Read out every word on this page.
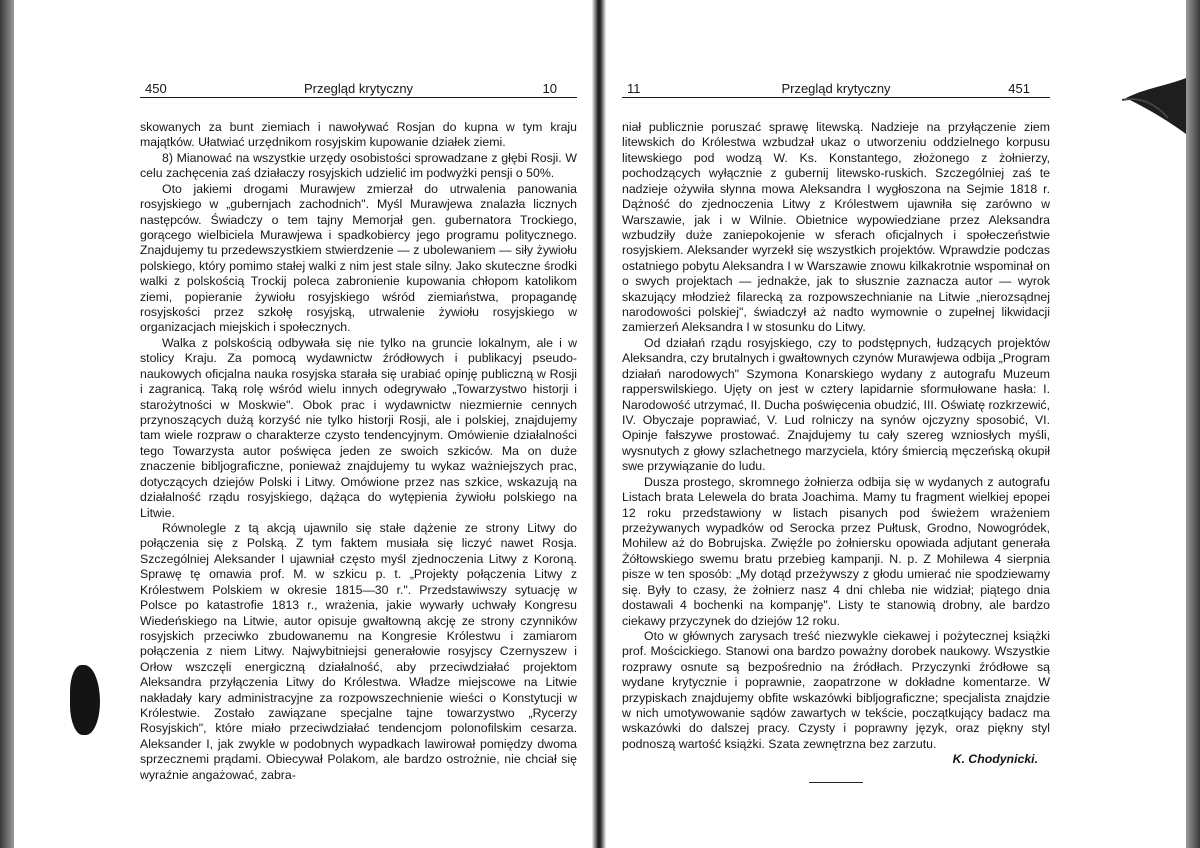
450	Przegląd krytyczny	10

skowanych za bunt ziemiach i nawoływać Rosjan do kupna w tym kraju majątków. Ułatwiać urzędnikom rosyjskim kupowanie działek ziemi.

8) Mianować na wszystkie urzędy osobistości sprowadzane z głębi Rosji. W celu zachęcenia zaś działaczy rosyjskich udzielić im podwyżki pensji o 50%.

Oto jakiemi drogami Murawjew zmierzał do utrwalenia panowania rosyjskiego w „gubernjach zachodnich". Myśl Murawjewa znalazła licznych następców. Świadczy o tem tajny Memorjał gen. gubernatora Trockiego, gorącego wielbiciela Murawjewa i spadkobiercy jego programu politycznego. Znajdujemy tu przedewszystkiem stwierdzenie — z ubolewaniem — siły żywiołu polskiego, który pomimo stałej walki z nim jest stale silny. Jako skuteczne środki walki z polskością Trockij poleca zabronienie kupowania chłopom katolikom ziemi, popieranie żywiołu rosyjskiego wśród ziemiaństwa, propagandę rosyjskości przez szkołę rosyjską, utrwalenie żywiołu rosyjskiego w organizacjach miejskich i społecznych.

Walka z polskością odbywała się nie tylko na gruncie lokalnym, ale i w stolicy Kraju. Za pomocą wydawnictw źródłowych i publikacyj pseudo-naukowych oficjalna nauka rosyjska starała się urabiać opinję publiczną w Rosji i zagranicą. Taką rolę wśród wielu innych odegrywało „Towarzystwo historji i starożytności w Moskwie". Obok prac i wydawnictw niezmiernie cennych przynoszących dużą korzyść nie tylko historji Rosji, ale i polskiej, znajdujemy tam wiele rozpraw o charakterze czysto tendencyjnym. Omówienie działalności tego Towarzysta autor poświęca jeden ze swoich szkiców. Ma on duże znaczenie bibljograficzne, ponieważ znajdujemy tu wykaz ważniejszych prac, dotyczących dziejów Polski i Litwy. Omówione przez nas szkice, wskazują na działalność rządu rosyjskiego, dążąca do wytępienia żywiołu polskiego na Litwie.

Równolegle z tą akcją ujawnilo się stałe dążenie ze strony Litwy do połączenia się z Polską. Z tym faktem musiała się liczyć nawet Rosja. Szczególniej Aleksander I ujawniał często myśl zjednoczenia Litwy z Koroną. Sprawę tę omawia prof. M. w szkicu p. t. „Projekty połączenia Litwy z Królestwem Polskiem w okresie 1815—30 r.". Przedstawiwszy sytuację w Polsce po katastrofie 1813 r., wrażenia, jakie wywarły uchwały Kongresu Wiedeńskiego na Litwie, autor opisuje gwałtowną akcję ze strony czynników rosyjskich przeciwko zbudowanemu na Kongresie Królestwu i zamiarom połączenia z niem Litwy. Najwybitniejsi generałowie rosyjscy Czernyszew i Orłow wszczęli energiczną działalność, aby przeciwdziałać projektom Aleksandra przyłączenia Litwy do Królestwa. Władze miejscowe na Litwie nakładały kary administracyjne za rozpowszechnienie wieści o Konstytucji w Królestwie. Zostało zawiązane specjalne tajne towarzystwo „Rycerzy Rosyjskich", które miało przeciwdziałać tendencjom polonofilskim cesarza. Aleksander I, jak zwykle w podobnych wypadkach lawirował pomiędzy dwoma sprzecznemi prądami. Obiecywał Polakom, ale bardzo ostrożnie, nie chciał się wyraźnie angażować, zabra-

11	Przegląd krytyczny	451

niał publicznie poruszać sprawę litewską. Nadzieje na przyłączenie ziem litewskich do Królestwa wzbudzał ukaz o utworzeniu oddzielnego korpusu litewskiego pod wodzą W. Ks. Konstantego, złożonego z żołnierzy, pochodzących wyłącznie z gubernij litewsko-ruskich. Szczególniej zaś te nadzieje ożywiła słynna mowa Aleksandra I wygłoszona na Sejmie 1818 r. Dążność do zjednoczenia Litwy z Królestwem ujawniła się zarówno w Warszawie, jak i w Wilnie. Obietnice wypowiedziane przez Aleksandra wzbudziły duże zaniepokojenie w sferach oficjalnych i społeczeństwie rosyjskiem. Aleksander wyrzekł się wszystkich projektów. Wprawdzie podczas ostatniego pobytu Aleksandra I w Warszawie znowu kilkakrotnie wspominał on o swych projektach — jednakże, jak to słusznie zaznacza autor — wyrok skazujący młodzież filarecką za rozpowszechnianie na Litwie „nierozsądnej narodowości polskiej", świadczył aż nadto wymownie o zupełnej likwidacji zamierzeń Aleksandra I w stosunku do Litwy.

Od działań rządu rosyjskiego, czy to podstępnych, łudzących projektów Aleksandra, czy brutalnych i gwałtownych czynów Murawjewa odbija „Program działań narodowych" Szymona Konarskiego wydany z autografu Muzeum rapperswilskiego. Ujęty on jest w cztery lapidarnie sformułowane hasła: I. Narodowość utrzymać, II. Ducha poświęcenia obudzić, III. Oświatę rozkrzewić, IV. Obyczaje poprawiać, V. Lud rolniczy na synów ojczyzny sposobić, VI. Opinje fałszywe prostować. Znajdujemy tu cały szereg wzniosłych myśli, wysnutych z głowy szlachetnego marzyciela, który śmiercią męczeńską okupił swe przywiązanie do ludu.

Dusza prostego, skromnego żołnierza odbija się w wydanych z autografu Listach brata Lelewela do brata Joachima. Mamy tu fragment wielkiej epopei 12 roku przedstawiony w listach pisanych pod świeżem wrażeniem przeżywanych wypadków od Serocka przez Pułtusk, Grodno, Nowogródek, Mohilew aż do Bobrujska. Zwięźle po żołniersku opowiada adjutant generała Żółtowskiego swemu bratu przebieg kampanji. N. p. Z Mohilewa 4 sierpnia pisze w ten sposób: „My dotąd przeżywszy z głodu umierać nie spodziewamy się. Były to czasy, że żołnierz nasz 4 dni chleba nie widział; piątego dnia dostawali 4 bochenki na kompanję". Listy te stanowią drobny, ale bardzo ciekawy przyczynek do dziejów 12 roku.

Oto w głównych zarysach treść niezwykle ciekawej i pożytecznej książki prof. Mościckiego. Stanowi ona bardzo poważny dorobek naukowy. Wszystkie rozprawy osnute są bezpośrednio na źródłach. Przyczynki źródłowe są wydane krytycznie i poprawnie, zaopatrzone w dokładne komentarze. W przypiskach znajdujemy obfite wskazówki bibljograficzne; specjalista znajdzie w nich umotywowanie sądów zawartych w tekście, początkujący badacz ma wskazówki do dalszej pracy. Czysty i poprawny język, oraz piękny styl podnoszą wartość książki. Szata zewnętrzna bez zarzutu.

K. Chodynicki.
